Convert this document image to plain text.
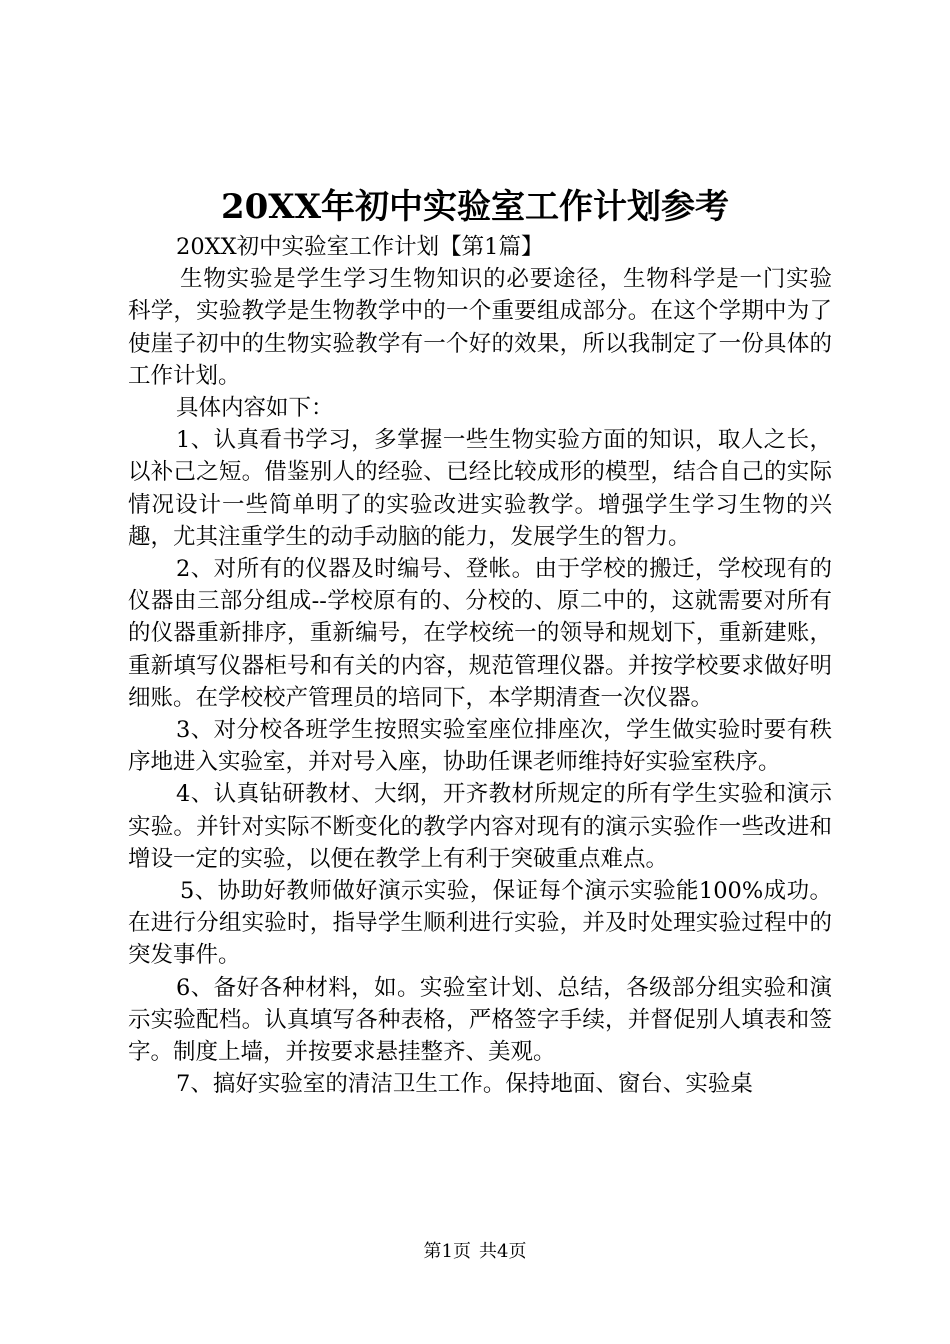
20XX年初中实验室工作计划参考

20XX初中实验室工作计划【第1篇】

生物实验是学生学习生物知识的必要途径，生物科学是一门实验科学，实验教学是生物教学中的一个重要组成部分。在这个学期中为了使崖子初中的生物实验教学有一个好的效果，所以我制定了一份具体的工作计划。

具体内容如下：

1、认真看书学习，多掌握一些生物实验方面的知识，取人之长，以补己之短。借鉴别人的经验、已经比较成形的模型，结合自己的实际情况设计一些简单明了的实验改进实验教学。增强学生学习生物的兴趣，尤其注重学生的动手动脑的能力，发展学生的智力。

2、对所有的仪器及时编号、登帐。由于学校的搬迁，学校现有的仪器由三部分组成--学校原有的、分校的、原二中的，这就需要对所有的仪器重新排序，重新编号，在学校统一的领导和规划下，重新建账，重新填写仪器柜号和有关的内容，规范管理仪器。并按学校要求做好明细账。在学校校产管理员的培同下，本学期清查一次仪器。

3、对分校各班学生按照实验室座位排座次，学生做实验时要有秩序地进入实验室，并对号入座，协助任课老师维持好实验室秩序。

4、认真钻研教材、大纲，开齐教材所规定的所有学生实验和演示实验。并针对实际不断变化的教学内容对现有的演示实验作一些改进和增设一定的实验，以便在教学上有利于突破重点难点。

5、协助好教师做好演示实验，保证每个演示实验能100%成功。在进行分组实验时，指导学生顺利进行实验，并及时处理实验过程中的突发事件。

6、备好各种材料，如。实验室计划、总结，各级部分组实验和演示实验配档。认真填写各种表格，严格签字手续，并督促别人填表和签字。制度上墙，并按要求悬挂整齐、美观。

7、搞好实验室的清洁卫生工作。保持地面、窗台、实验桌

第1页 共4页
